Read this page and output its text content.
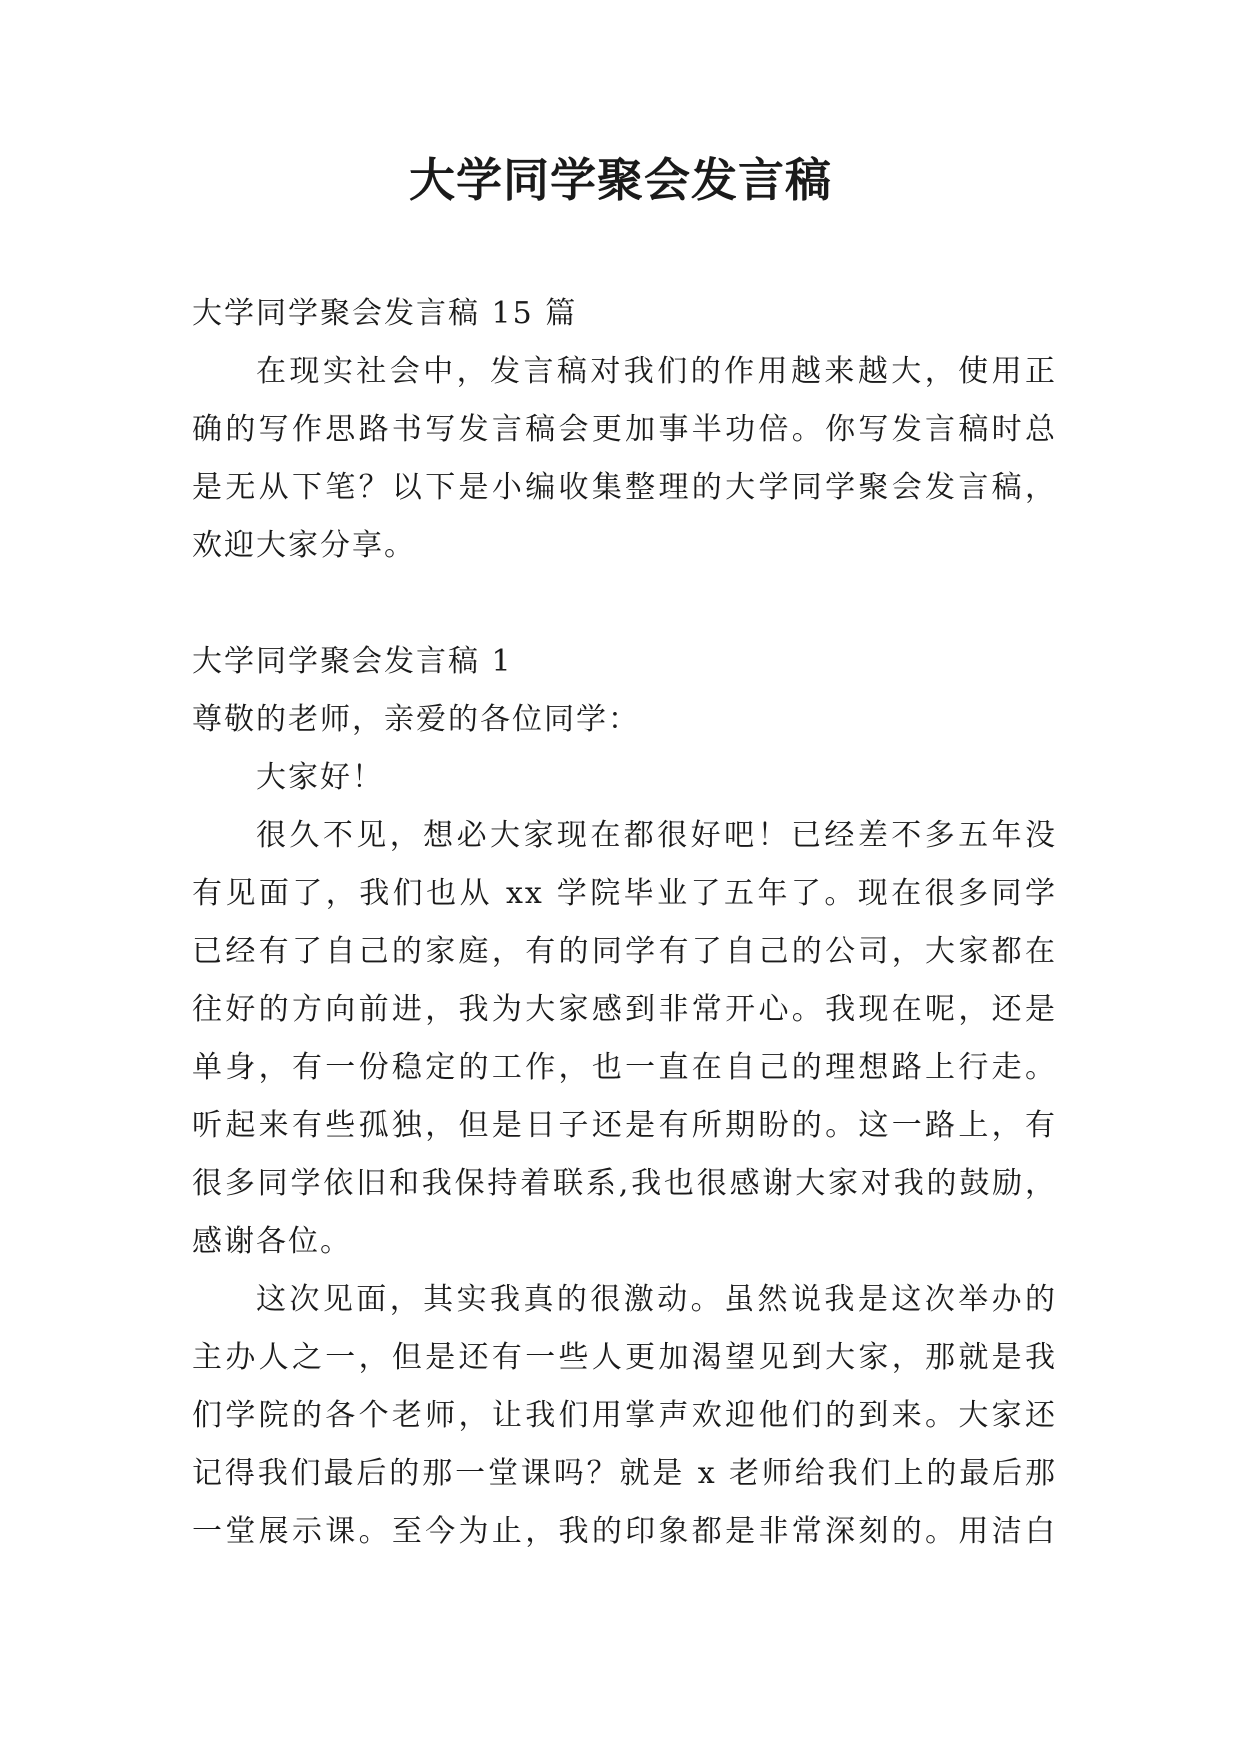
大学同学聚会发言稿
大学同学聚会发言稿 15 篇
在现实社会中，发言稿对我们的作用越来越大，使用正
确的写作思路书写发言稿会更加事半功倍。你写发言稿时总
是无从下笔？以下是小编收集整理的大学同学聚会发言稿，
欢迎大家分享。
大学同学聚会发言稿 1
尊敬的老师，亲爱的各位同学：
大家好！
很久不见，想必大家现在都很好吧！已经差不多五年没
有见面了，我们也从 xx 学院毕业了五年了。现在很多同学
已经有了自己的家庭，有的同学有了自己的公司，大家都在
往好的方向前进，我为大家感到非常开心。我现在呢，还是
单身，有一份稳定的工作，也一直在自己的理想路上行走。
听起来有些孤独，但是日子还是有所期盼的。这一路上，有
很多同学依旧和我保持着联系,我也很感谢大家对我的鼓励，
感谢各位。
这次见面，其实我真的很激动。虽然说我是这次举办的
主办人之一，但是还有一些人更加渴望见到大家，那就是我
们学院的各个老师，让我们用掌声欢迎他们的到来。大家还
记得我们最后的那一堂课吗？就是 x 老师给我们上的最后那
一堂展示课。至今为止，我的印象都是非常深刻的。用洁白
